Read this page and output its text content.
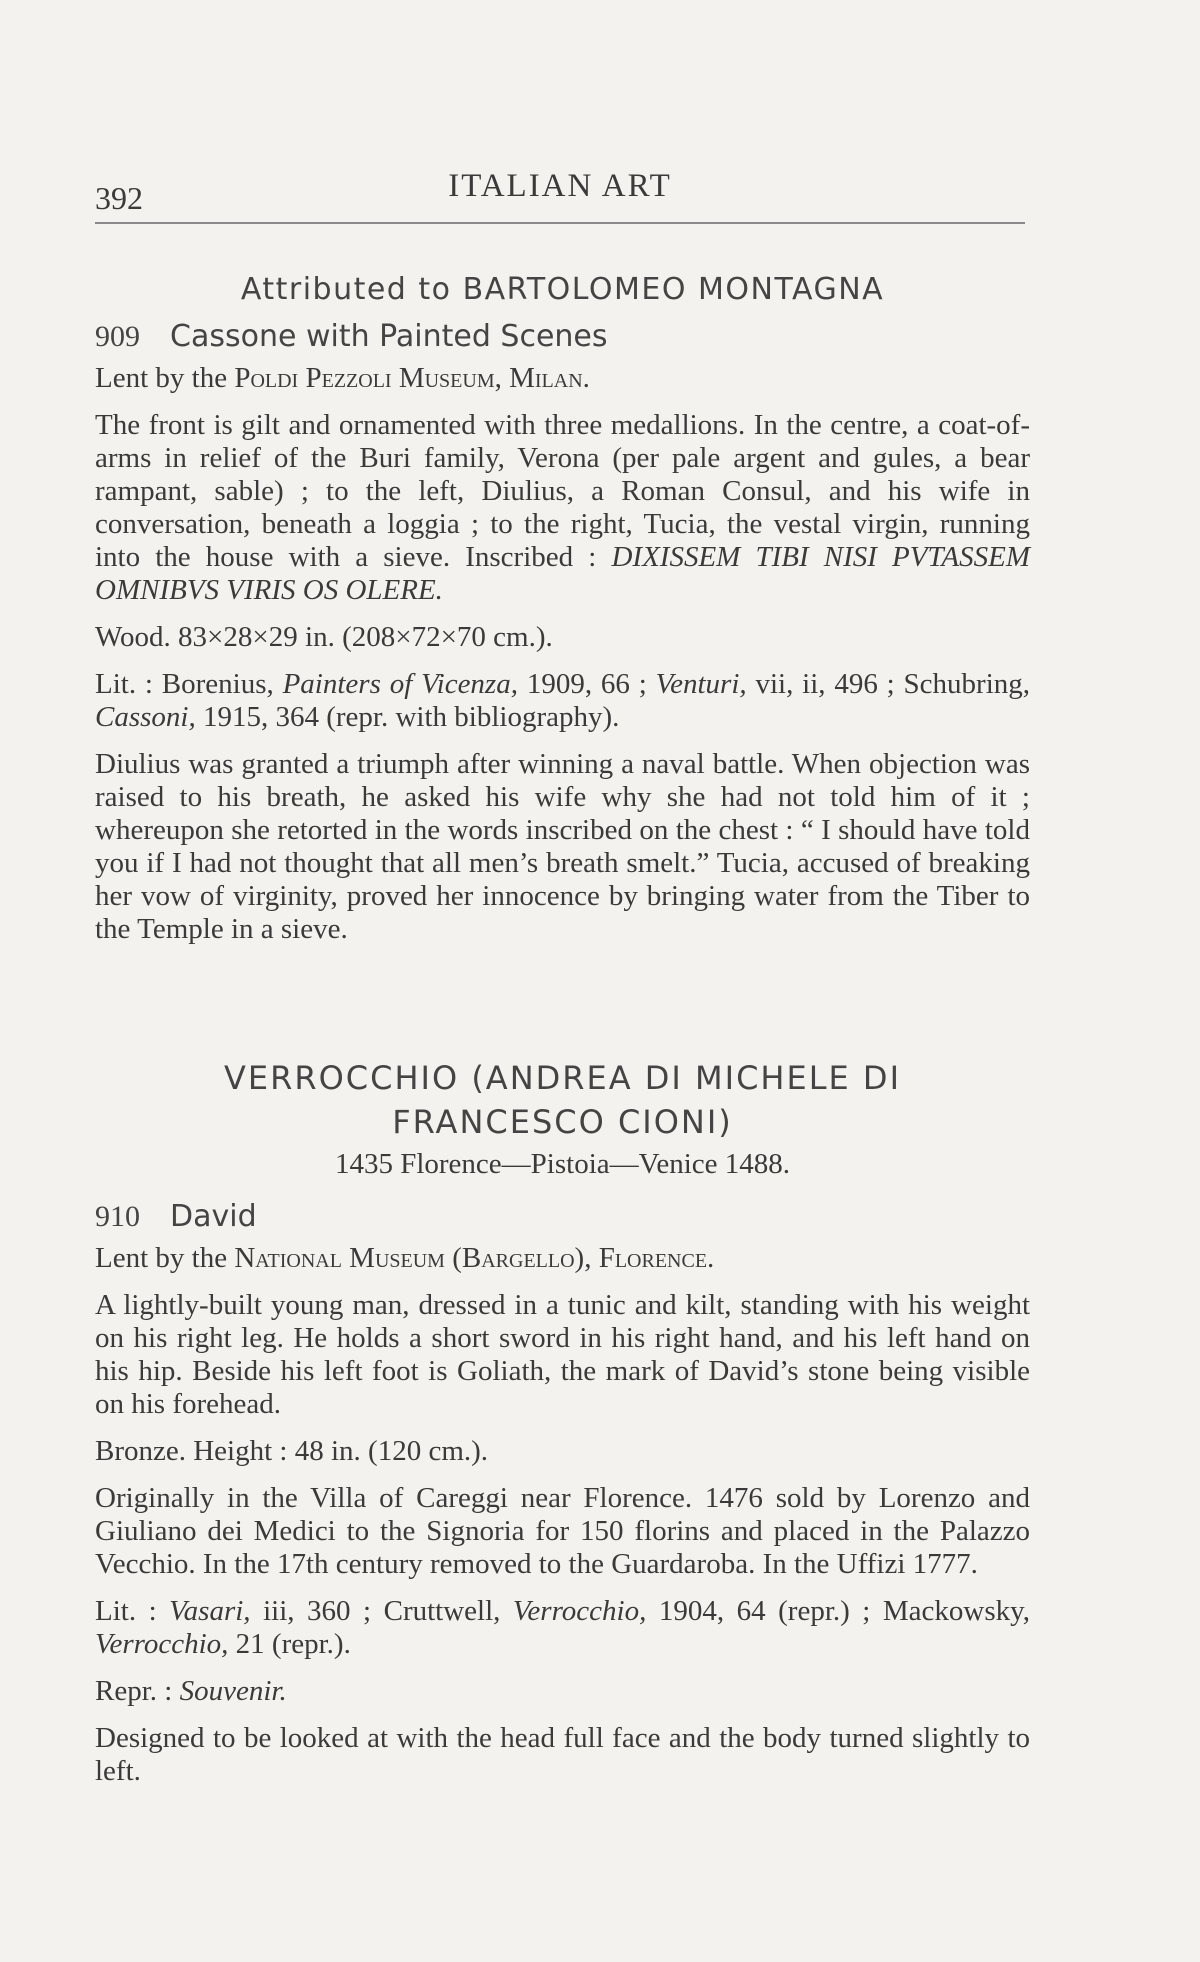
392	ITALIAN ART
Attributed to BARTOLOMEO MONTAGNA
909 Cassone with Painted Scenes
Lent by the Poldi Pezzoli Museum, Milan.

The front is gilt and ornamented with three medallions. In the centre, a coat-of-arms in relief of the Buri family, Verona (per pale argent and gules, a bear rampant, sable) ; to the left, Diulius, a Roman Consul, and his wife in conversation, beneath a loggia ; to the right, Tucia, the vestal virgin, running into the house with a sieve. Inscribed : DIXISSEM TIBI NISI PVTASSEM OMNIBVS VIRIS OS OLERE.

Wood. 83×28×29 in. (208×72×70 cm.).

Lit. : Borenius, Painters of Vicenza, 1909, 66 ; Venturi, vii, ii, 496 ; Schubring, Cassoni, 1915, 364 (repr. with bibliography).

Diulius was granted a triumph after winning a naval battle. When objection was raised to his breath, he asked his wife why she had not told him of it ; whereupon she retorted in the words inscribed on the chest : “ I should have told you if I had not thought that all men’s breath smelt.” Tucia, accused of breaking her vow of virginity, proved her innocence by bringing water from the Tiber to the Temple in a sieve.

VERROCCHIO (ANDREA DI MICHELE DI
FRANCESCO CIONI)
1435 Florence—Pistoia—Venice 1488.
910 David
Lent by the National Museum (Bargello), Florence.

A lightly-built young man, dressed in a tunic and kilt, standing with his weight on his right leg. He holds a short sword in his right hand, and his left hand on his hip. Beside his left foot is Goliath, the mark of David’s stone being visible on his forehead.

Bronze. Height : 48 in. (120 cm.).

Originally in the Villa of Careggi near Florence. 1476 sold by Lorenzo and Giuliano dei Medici to the Signoria for 150 florins and placed in the Palazzo Vecchio. In the 17th century removed to the Guardaroba. In the Uffizi 1777.

Lit. : Vasari, iii, 360 ; Cruttwell, Verrocchio, 1904, 64 (repr.) ; Mackowsky, Verrocchio, 21 (repr.).

Repr. : Souvenir.

Designed to be looked at with the head full face and the body turned slightly to left.
